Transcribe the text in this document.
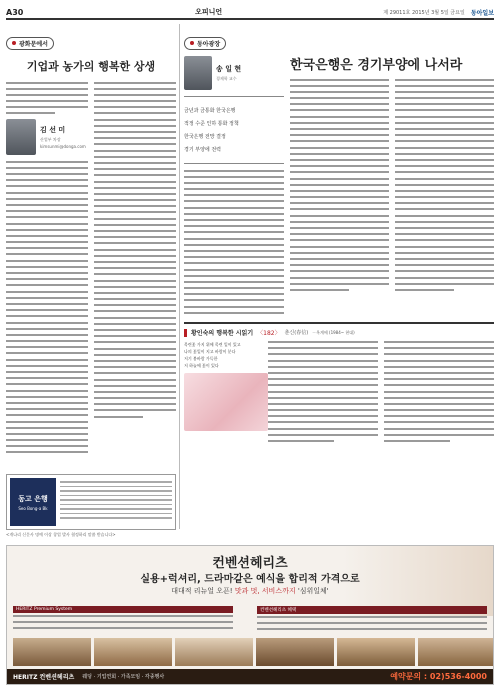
A30	오피니언	제 29011호 2015년 3월 5일 금요일 동아일보
광화문에서
기업과 농가의 행복한 상생
김 선 미
산업부 차장
kimsunmi@donga.com
동고 은행
Seo Bong-a Bk
<개나리 신문사 명예 이상 창업 발사 협정하리 말씀 받습니다>
동아광장
송 일 현
경제학 교수
금년과 금통화 한국은행
적정 수준 인하 통화 정책
한국은행 전망 결정
경기 부양에 전력
한국은행은 경기부양에 나서라
황인숙의 행복한 시읽기 〈182〉 춘신(春信) －옥계에 (1984~ 현대)
목련꽃 가지 위에 목련 잎이 있고
나의 꽃잎이 지고 바람이 분다
저기 봄바람 가득한
저 하늘에 꽃이 있다
컨벤션헤리츠
실용+럭셔리, 드라마같은 예식을 합리적 가격으로
대대적 리뉴얼 오픈! 맛과 멋, 서비스까지 '심위일체'
HERITZ Premium System	컨벤션헤리츠 혜택
HERITZ 컨벤션헤리츠 웨딩 · 기업연회 · 가족모임 · 각종행사	예약문의 : 02)536-4000
